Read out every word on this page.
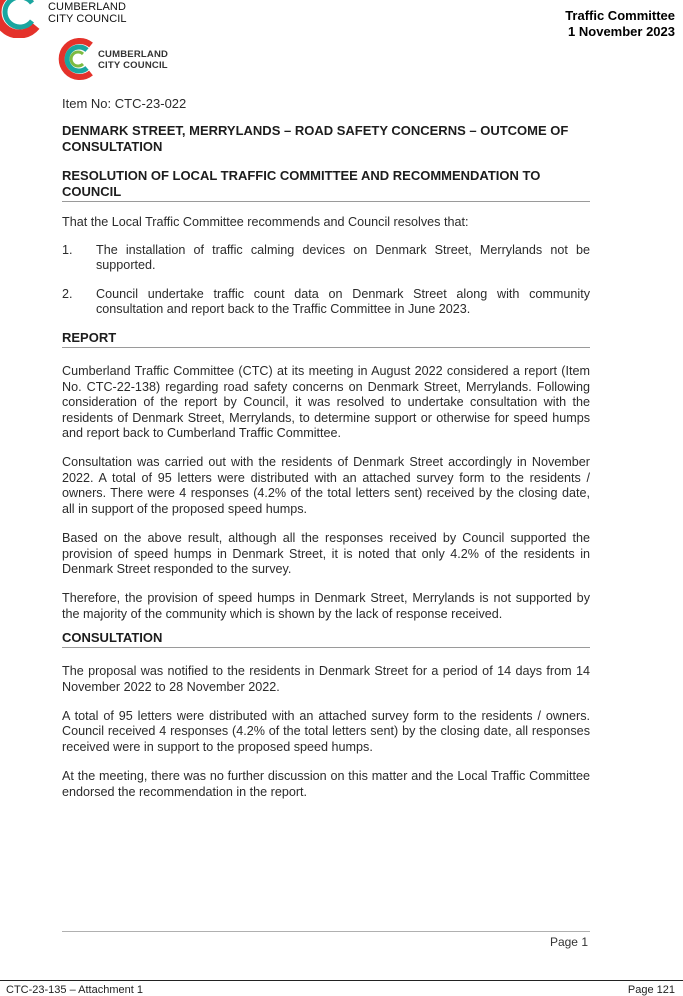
CUMBERLAND
CITY COUNCIL	Traffic Committee
1 November 2023
CUMBERLAND
CITY COUNCIL
Item No: CTC-23-022
DENMARK STREET, MERRYLANDS – ROAD SAFETY CONCERNS – OUTCOME OF CONSULTATION
RESOLUTION OF LOCAL TRAFFIC COMMITTEE AND RECOMMENDATION TO COUNCIL

That the Local Traffic Committee recommends and Council resolves that:

1.	The installation of traffic calming devices on Denmark Street, Merrylands not be supported.
2.	Council undertake traffic count data on Denmark Street along with community consultation and report back to the Traffic Committee in June 2023.
REPORT

Cumberland Traffic Committee (CTC) at its meeting in August 2022 considered a report (Item No. CTC-22-138) regarding road safety concerns on Denmark Street, Merrylands. Following consideration of the report by Council, it was resolved to undertake consultation with the residents of Denmark Street, Merrylands, to determine support or otherwise for speed humps and report back to Cumberland Traffic Committee.

Consultation was carried out with the residents of Denmark Street accordingly in November 2022. A total of 95 letters were distributed with an attached survey form to the residents / owners. There were 4 responses (4.2% of the total letters sent) received by the closing date, all in support of the proposed speed humps.

Based on the above result, although all the responses received by Council supported the provision of speed humps in Denmark Street, it is noted that only 4.2% of the residents in Denmark Street responded to the survey.

Therefore, the provision of speed humps in Denmark Street, Merrylands is not supported by the majority of the community which is shown by the lack of response received.

CONSULTATION

The proposal was notified to the residents in Denmark Street for a period of 14 days from 14 November 2022 to 28 November 2022.

A total of 95 letters were distributed with an attached survey form to the residents / owners. Council received 4 responses (4.2% of the total letters sent) by the closing date, all responses received were in support to the proposed speed humps.

At the meeting, there was no further discussion on this matter and the Local Traffic Committee endorsed the recommendation in the report.

Page 1
CTC-23-135 – Attachment 1	Page 121
